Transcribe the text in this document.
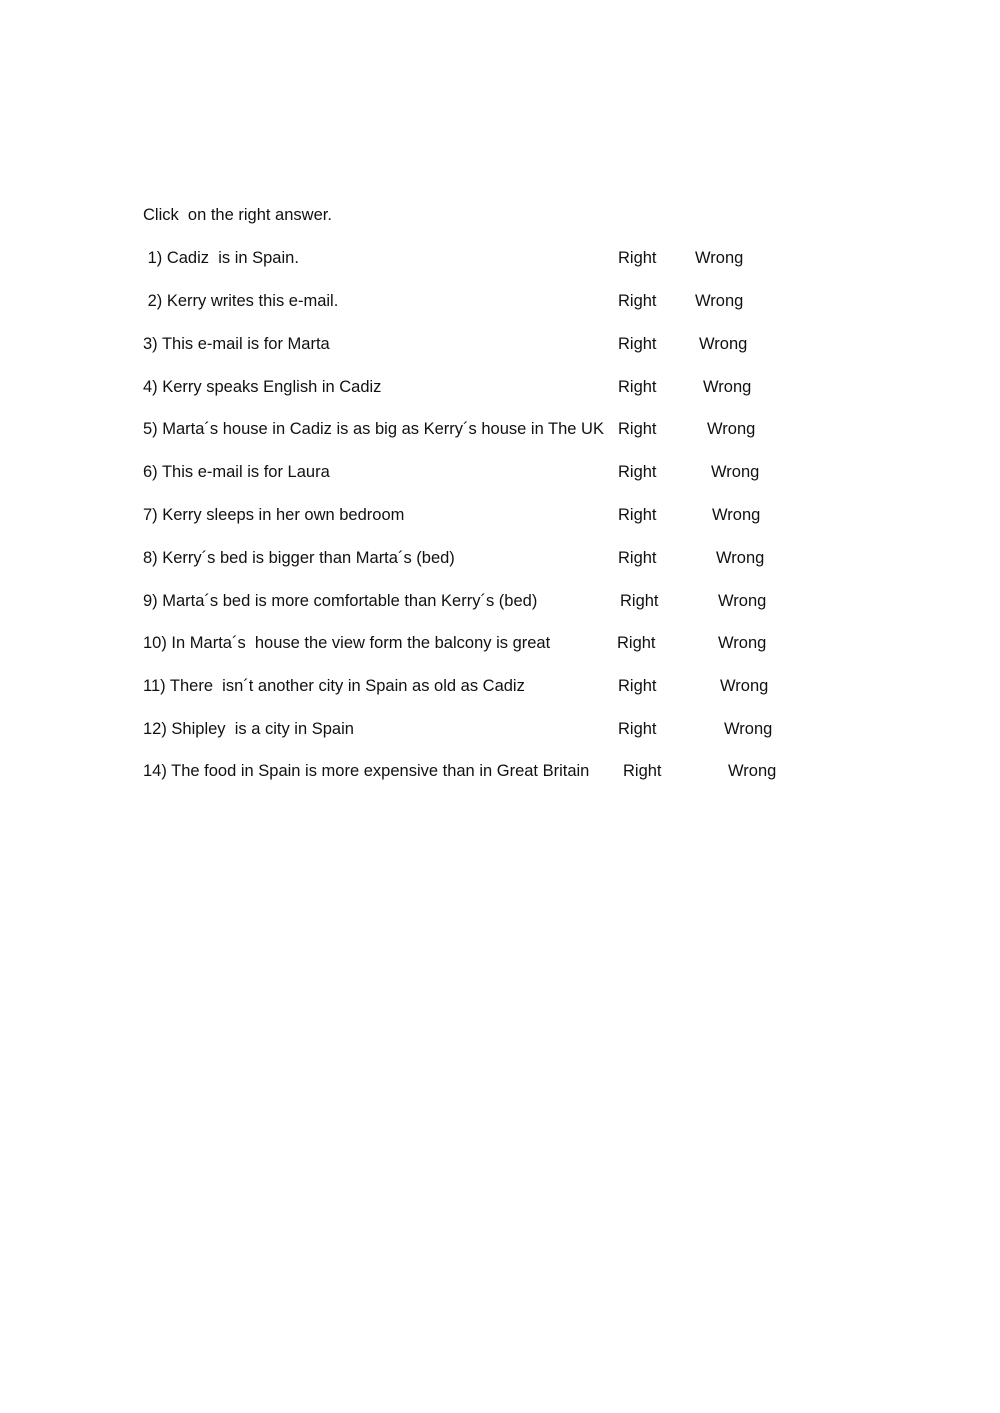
Click  on the right answer.
1) Cadiz  is in Spain.	Right Wrong
2) Kerry writes this e-mail.	Right Wrong
3) This e-mail is for Marta	Right	Wrong
4) Kerry speaks English in Cadiz	Right	Wrong
5) Marta´s house in Cadiz is as big as Kerry´s house in The UK Right	Wrong
6) This e-mail is for Laura	Right	Wrong
7) Kerry sleeps in her own bedroom	Right	Wrong
8) Kerry´s bed is bigger than Marta´s (bed)	Right	Wrong
9) Marta´s bed is more comfortable than Kerry´s (bed)	Right	Wrong
10) In Marta´s  house the view form the balcony is great	Right	Wrong
11) There  isn´t another city in Spain as old as Cadiz	Right	Wrong
12) Shipley  is a city in Spain	Right	Wrong
14) The food in Spain is more expensive than in Great Britain Right	Wrong
